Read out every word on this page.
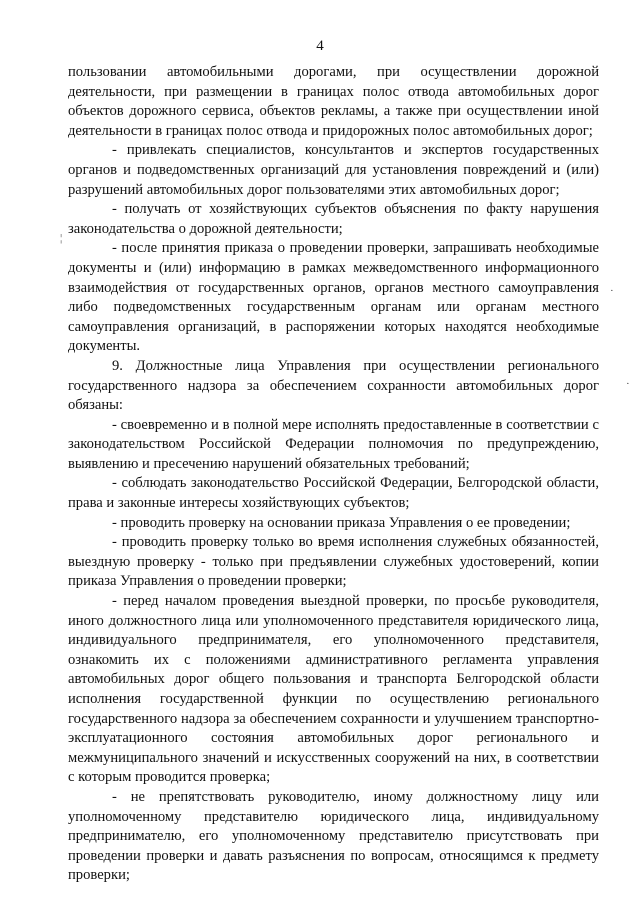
4

пользовании автомобильными дорогами, при осуществлении дорожной деятельности, при размещении в границах полос отвода автомобильных дорог объектов дорожного сервиса, объектов рекламы, а также при осуществлении иной деятельности в границах полос отвода и придорожных полос автомобильных дорог;

- привлекать специалистов, консультантов и экспертов государственных органов и подведомственных организаций для установления повреждений и (или) разрушений автомобильных дорог пользователями этих автомобильных дорог;

- получать от хозяйствующих субъектов объяснения по факту нарушения законодательства о дорожной деятельности;

- после принятия приказа о проведении проверки, запрашивать необходимые документы и (или) информацию в рамках межведомственного информационного взаимодействия от государственных органов, органов местного самоуправления либо подведомственных государственным органам или органам местного самоуправления организаций, в распоряжении которых находятся необходимые документы.

9. Должностные лица Управления при осуществлении регионального государственного надзора за обеспечением сохранности автомобильных дорог обязаны:

- своевременно и в полной мере исполнять предоставленные в соответствии с законодательством Российской Федерации полномочия по предупреждению, выявлению и пресечению нарушений обязательных требований;

- соблюдать законодательство Российской Федерации, Белгородской области, права и законные интересы хозяйствующих субъектов;

- проводить проверку на основании приказа Управления о ее проведении;

- проводить проверку только во время исполнения служебных обязанностей, выездную проверку - только при предъявлении служебных удостоверений, копии приказа Управления о проведении проверки;

- перед началом проведения выездной проверки, по просьбе руководителя, иного должностного лица или уполномоченного представителя юридического лица, индивидуального предпринимателя, его уполномоченного представителя, ознакомить их с положениями административного регламента управления автомобильных дорог общего пользования и транспорта Белгородской области исполнения государственной функции по осуществлению регионального государственного надзора за обеспечением сохранности и улучшением транспортно-эксплуатационного состояния автомобильных дорог регионального и межмуниципального значений и искусственных сооружений на них, в соответствии с которым проводится проверка;

- не препятствовать руководителю, иному должностному лицу или уполномоченному представителю юридического лица, индивидуальному предпринимателю, его уполномоченному представителю присутствовать при проведении проверки и давать разъяснения по вопросам, относящимся к предмету проверки;

¦
·
·
